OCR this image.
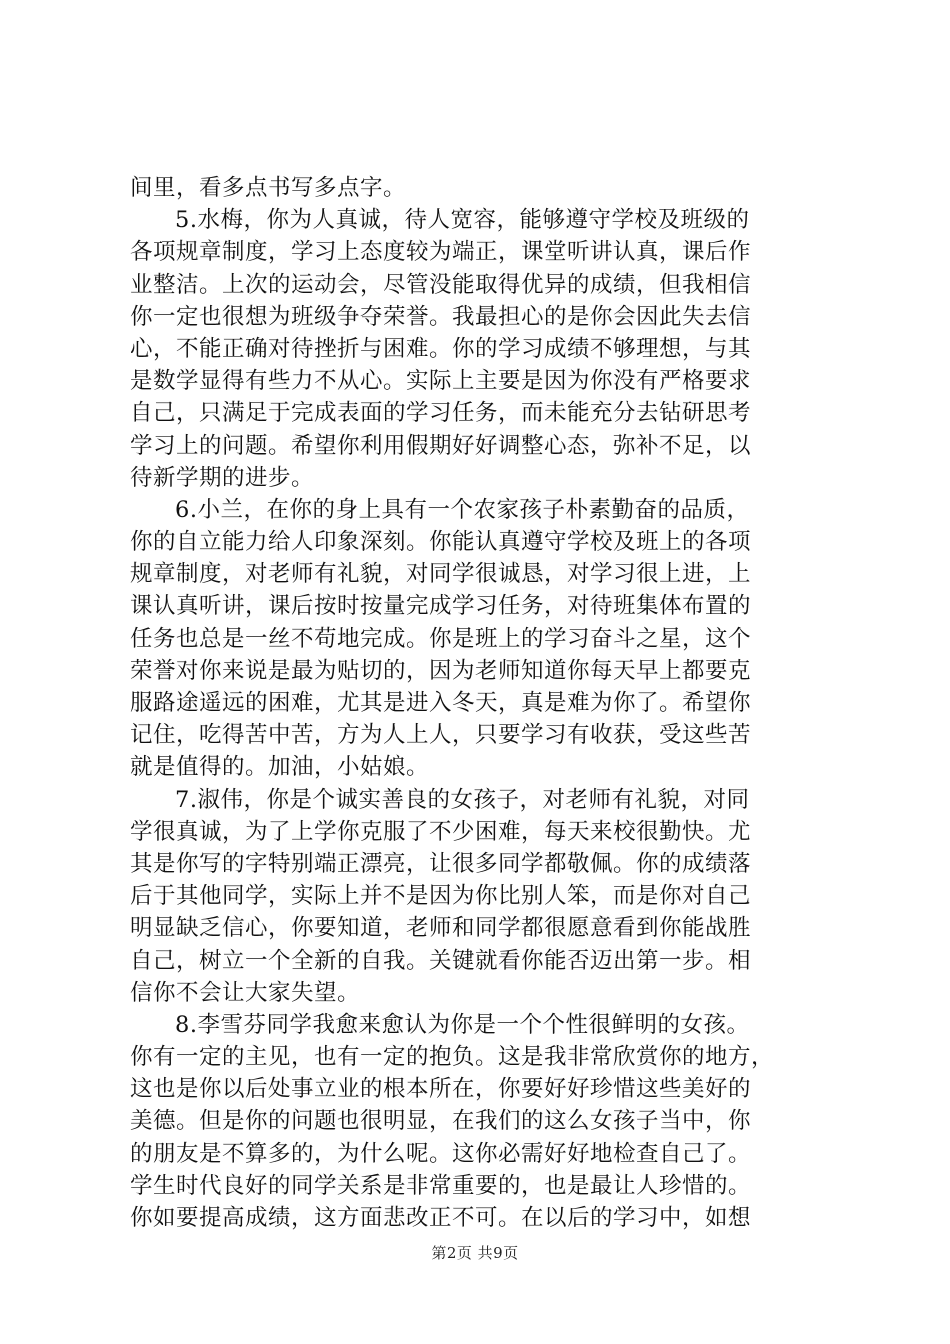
间里，看多点书写多点字。
5.水梅，你为人真诚，待人宽容，能够遵守学校及班级的
各项规章制度，学习上态度较为端正，课堂听讲认真，课后作
业整洁。上次的运动会，尽管没能取得优异的成绩，但我相信
你一定也很想为班级争夺荣誉。我最担心的是你会因此失去信
心，不能正确对待挫折与困难。你的学习成绩不够理想，与其
是数学显得有些力不从心。实际上主要是因为你没有严格要求
自己，只满足于完成表面的学习任务，而未能充分去钻研思考
学习上的问题。希望你利用假期好好调整心态，弥补不足，以
待新学期的进步。
6.小兰，在你的身上具有一个农家孩子朴素勤奋的品质，
你的自立能力给人印象深刻。你能认真遵守学校及班上的各项
规章制度，对老师有礼貌，对同学很诚恳，对学习很上进，上
课认真听讲，课后按时按量完成学习任务，对待班集体布置的
任务也总是一丝不苟地完成。你是班上的学习奋斗之星，这个
荣誉对你来说是最为贴切的，因为老师知道你每天早上都要克
服路途遥远的困难，尤其是进入冬天，真是难为你了。希望你
记住，吃得苦中苦，方为人上人，只要学习有收获，受这些苦
就是值得的。加油，小姑娘。
7.淑伟，你是个诚实善良的女孩子，对老师有礼貌，对同
学很真诚，为了上学你克服了不少困难，每天来校很勤快。尤
其是你写的字特别端正漂亮，让很多同学都敬佩。你的成绩落
后于其他同学，实际上并不是因为你比别人笨，而是你对自己
明显缺乏信心，你要知道，老师和同学都很愿意看到你能战胜
自己，树立一个全新的自我。关键就看你能否迈出第一步。相
信你不会让大家失望。
8.李雪芬同学我愈来愈认为你是一个个性很鲜明的女孩。
你有一定的主见，也有一定的抱负。这是我非常欣赏你的地方，
这也是你以后处事立业的根本所在，你要好好珍惜这些美好的
美德。但是你的问题也很明显，在我们的这么女孩子当中，你
的朋友是不算多的，为什么呢。这你必需好好地检查自己了。
学生时代良好的同学关系是非常重要的，也是最让人珍惜的。
你如要提高成绩，这方面悲改正不可。在以后的学习中，如想
第2页 共9页
